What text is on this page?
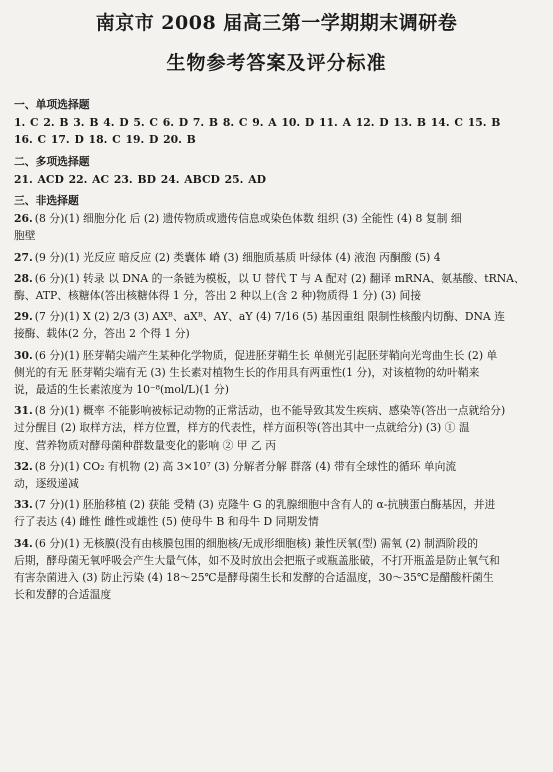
南京市 2008 届高三第一学期期末调研卷
生物参考答案及评分标准
一、单项选择题
1. C 2. B 3. B 4. D 5. C 6. D 7. B 8. C 9. A 10. D 11. A 12. D 13. B 14. C 15. B
16. C 17. D 18. C 19. D 20. B
二、多项选择题
21. ACD 22. AC 23. BD 24. ABCD 25. AD
三、非选择题
26. (8 分)(1) 细胞分化 后 (2) 遗传物质或遗传信息或染色体数 组织 (3) 全能性 (4) 8 复制 细
胞壁
27. (9 分)(1) 光反应 暗反应 (2) 类囊体 嵴 (3) 细胞质基质 叶绿体 (4) 液泡 丙酮酸 (5) 4
28. (6 分)(1) 转录 以 DNA 的一条链为模板，以 U 替代 T 与 A 配对 (2) 翻译 mRNA、氨基酸、tRNA、
酶、ATP、核糖体(答出核糖体得 1 分，答出 2 种以上(含 2 种)物质得 1 分) (3) 间接
29. (7 分)(1) X (2) 2/3 (3) AXᴮ、aXᴮ、AY、aY (4) 7/16 (5) 基因重组 限制性核酸内切酶、DNA 连
接酶、载体(2 分，答出 2 个得 1 分)
30. (6 分)(1) 胚芽鞘尖端产生某种化学物质，促进胚芽鞘生长 单侧光引起胚芽鞘向光弯曲生长 (2) 单
侧光的有无 胚芽鞘尖端有无 (3) 生长素对植物生长的作用具有两重性(1 分)，对该植物的幼叶鞘来
说，最适的生长素浓度为 10⁻⁸(mol/L)(1 分)
31. (8 分)(1) 概率 不能影响被标记动物的正常活动，也不能导致其发生疾病、感染等(答出一点就给分)
过分醒目 (2) 取样方法，样方位置，样方的代表性，样方面积等(答出其中一点就给分) (3) ① 温
度、营养物质对酵母菌种群数量变化的影响 ② 甲 乙 丙
32. (8 分)(1) CO₂ 有机物 (2) 高 3×10⁷ (3) 分解者分解 群落 (4) 带有全球性的循环 单向流
动，逐级递减
33. (7 分)(1) 胚胎移植 (2) 获能 受精 (3) 克隆牛 G 的乳腺细胞中含有人的 α-抗胰蛋白酶基因，并进
行了表达 (4) 雌性 雌性或雄性 (5) 使母牛 B 和母牛 D 同期发情
34. (6 分)(1) 无核膜(没有由核膜包围的细胞核/无成形细胞核) 兼性厌氧(型) 需氧 (2) 制酒阶段的
后期，酵母菌无氧呼吸会产生大量气体，如不及时放出会把瓶子或瓶盖胀破，不打开瓶盖是防止氧气和
有害杂菌进入 (3) 防止污染 (4) 18～25℃是酵母菌生长和发酵的合适温度，30～35℃是醋酸杆菌生
长和发酵的合适温度
